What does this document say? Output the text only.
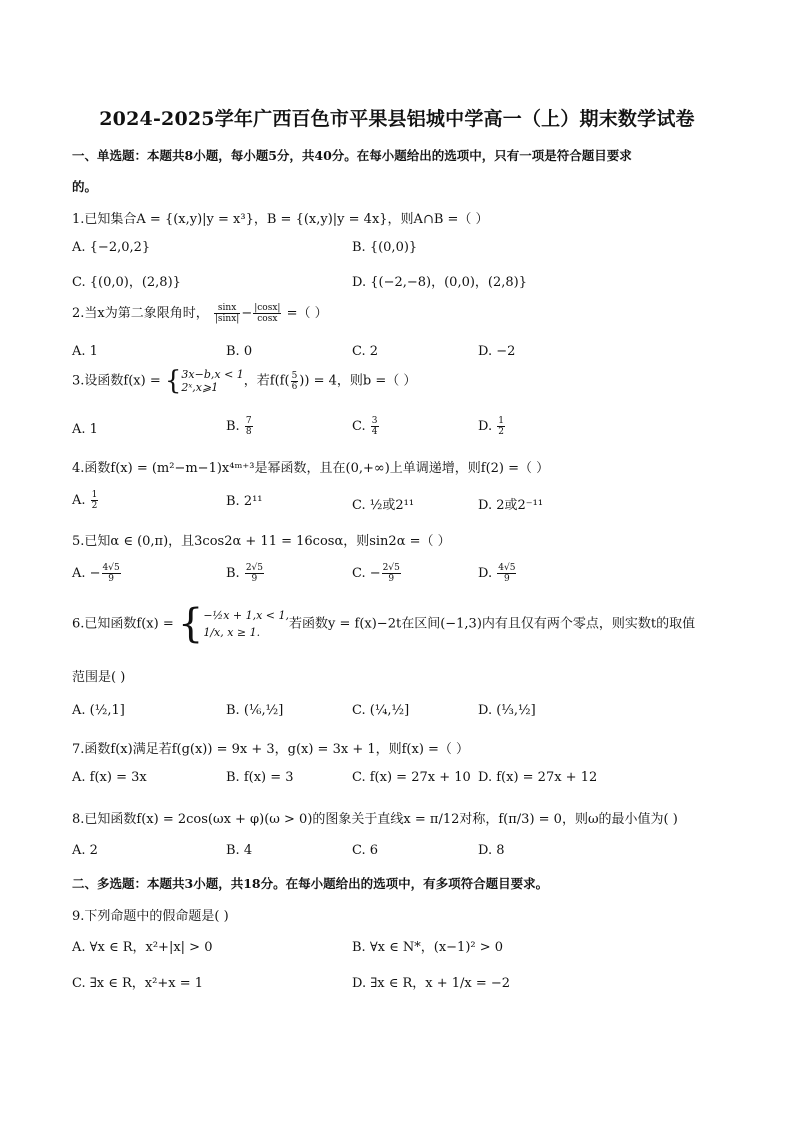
2024-2025学年广西百色市平果县铝城中学高一（上）期末数学试卷
一、单选题：本题共8小题，每小题5分，共40分。在每小题给出的选项中，只有一项是符合题目要求
的。
1.已知集合A = {(x,y)|y = x³}，B = {(x,y)|y = 4x}，则A∩B =（ ）
A. {−2,0,2}	B. {(0,0)}
C. {(0,0)，(2,8)}	D. {(−2,−8)，(0,0)，(2,8)}
2.当x为第二象限角时， $\frac{\sin x}{|\sin x|} - \frac{|\cos x|}{\cos x}$ =（ ）
A. 1	B. 0	C. 2	D. −2
3.设函数f(x) = { 3x−b,x < 1
2ˣ,x⩾1	，若$f(f( \frac{5}{6}$ )) = 4，则b =（ ）
A. 1	B. $\frac{7}{8}$	C. $\frac{3}{4}$	D. $\frac{1}{2}$
4.函数f(x) = (m²−m−1)x⁴ᵐ⁺³是幂函数，且在(0,+∞)上单调递增，则f(2) =（ ）
A. $\frac{1}{2}$	B. 2¹¹	C. ½或2¹¹	D. 2或2⁻¹¹
5.已知α ∈ (0,π)，且3cos2α + 11 = 16cosα，则sin2α =（ ）
A. − $\frac{4√5}{9}$	B. $\frac{2√5}{9}$	C. − $\frac{2√5}{9}$	D. $\frac{4√5}{9}$
6.已知函数f(x) = { −½x + 1,x < 1,
1/x, x ≥ 1.
若函数y = f(x)−2t在区间(−1,3)内有且仅有两个零点，则实数t的取值
范围是( )
A. (½,1]	B. (⅙,½]	C. (¼,½]	D. (⅓,½]
7.函数f(x)满足若f(g(x)) = 9x + 3，g(x) = 3x + 1，则f(x) =（ ）
A. f(x) = 3x	B. f(x) = 3	C. f(x) = 27x + 10 D. f(x) = 27x + 12
8.已知函数f(x) = 2cos(ωx + φ)(ω > 0)的图象关于直线x = π/12对称，f(π/3) = 0，则ω的最小值为( )
A. 2	B. 4	C. 6	D. 8
二、多选题：本题共3小题，共18分。在每小题给出的选项中，有多项符合题目要求。
9.下列命题中的假命题是( )
A. ∀x ∈ R，x²+|x| > 0	B. ∀x ∈ N*，(x−1)² > 0
C. ∃x ∈ R，x²+x = 1	D. ∃x ∈ R，x + 1/x = −2
